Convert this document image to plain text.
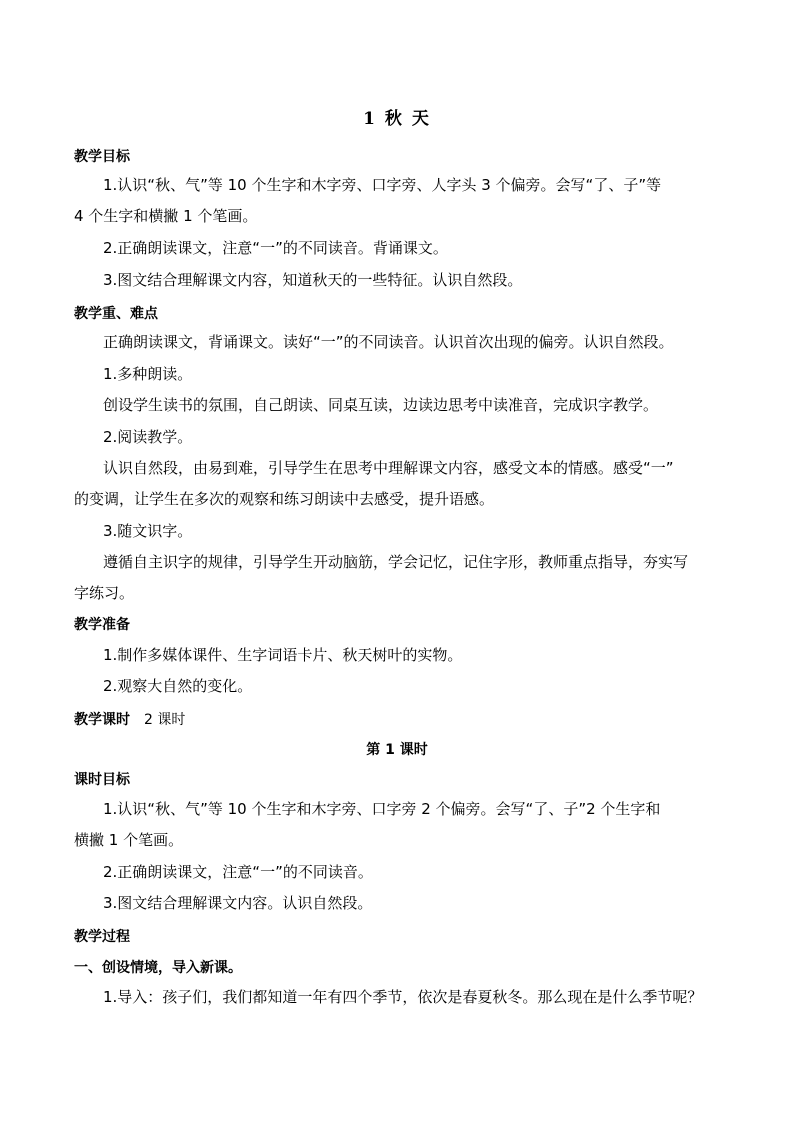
1 秋 天
教学目标
1.认识“秋、气”等 10 个生字和木字旁、口字旁、人字头 3 个偏旁。会写“了、子”等
4 个生字和横撇 1 个笔画。
2.正确朗读课文，注意“一”的不同读音。背诵课文。
3.图文结合理解课文内容，知道秋天的一些特征。认识自然段。
教学重、难点
正确朗读课文，背诵课文。读好“一”的不同读音。认识首次出现的偏旁。认识自然段。
1.多种朗读。
创设学生读书的氛围，自己朗读、同桌互读，边读边思考中读准音，完成识字教学。
2.阅读教学。
认识自然段，由易到难，引导学生在思考中理解课文内容，感受文本的情感。感受“一”
的变调，让学生在多次的观察和练习朗读中去感受，提升语感。
3.随文识字。
遵循自主识字的规律，引导学生开动脑筋，学会记忆，记住字形，教师重点指导，夯实写
字练习。
教学准备
1.制作多媒体课件、生字词语卡片、秋天树叶的实物。
2.观察大自然的变化。
教学课时 2 课时
第 1 课时
课时目标
1.认识“秋、气”等 10 个生字和木字旁、口字旁 2 个偏旁。会写“了、子”2 个生字和
横撇 1 个笔画。
2.正确朗读课文，注意“一”的不同读音。
3.图文结合理解课文内容。认识自然段。
教学过程
一、创设情境，导入新课。
1.导入：孩子们，我们都知道一年有四个季节，依次是春夏秋冬。那么现在是什么季节呢？
